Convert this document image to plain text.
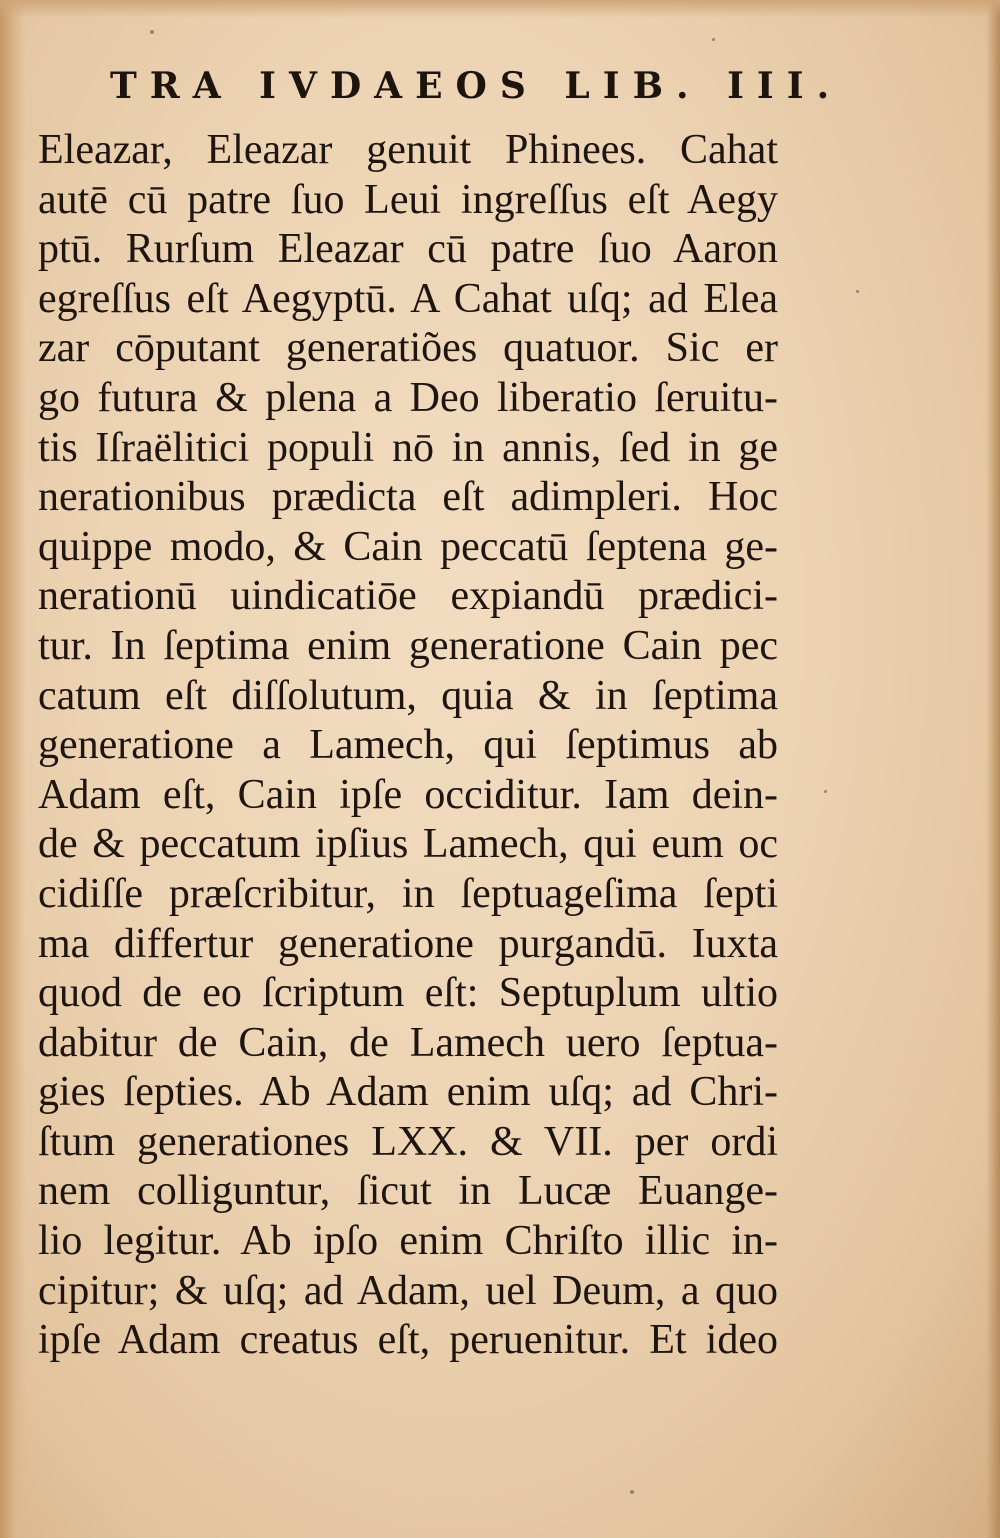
TRA IVDAEOS LIB. III.
Eleazar, Eleazar genuit Phinees. Cahat
autē cū patre ſuo Leui ingreſſus eſt Aegy
ptū. Rurſum Eleazar cū patre ſuo Aaron
egreſſus eſt Aegyptū. A Cahat uſq; ad Elea
zar cōputant generatiões quatuor. Sic er
go futura & plena a Deo liberatio ſeruitu-
tis Iſraëlitici populi nō in annis, ſed in ge
nerationibus prædicta eſt adimpleri. Hoc
quippe modo, & Cain peccatū ſeptena ge-
nerationū uindicatiōe expiandū prædici-
tur. In ſeptima enim generatione Cain pec
catum eſt diſſolutum, quia & in ſeptima
generatione a Lamech, qui ſeptimus ab
Adam eſt, Cain ipſe occiditur. Iam dein-
de & peccatum ipſius Lamech, qui eum oc
cidiſſe præſcribitur, in ſeptuageſima ſepti
ma differtur generatione purgandū. Iuxta
quod de eo ſcriptum eſt: Septuplum ultio
dabitur de Cain, de Lamech uero ſeptua-
gies ſepties. Ab Adam enim uſq; ad Chri-
ſtum generationes LXX. & VII. per ordi
nem colliguntur, ſicut in Lucæ Euange-
lio legitur. Ab ipſo enim Chriſto illic in-
cipitur; & uſq; ad Adam, uel Deum, a quo
ipſe Adam creatus eſt, peruenitur. Et ideo
